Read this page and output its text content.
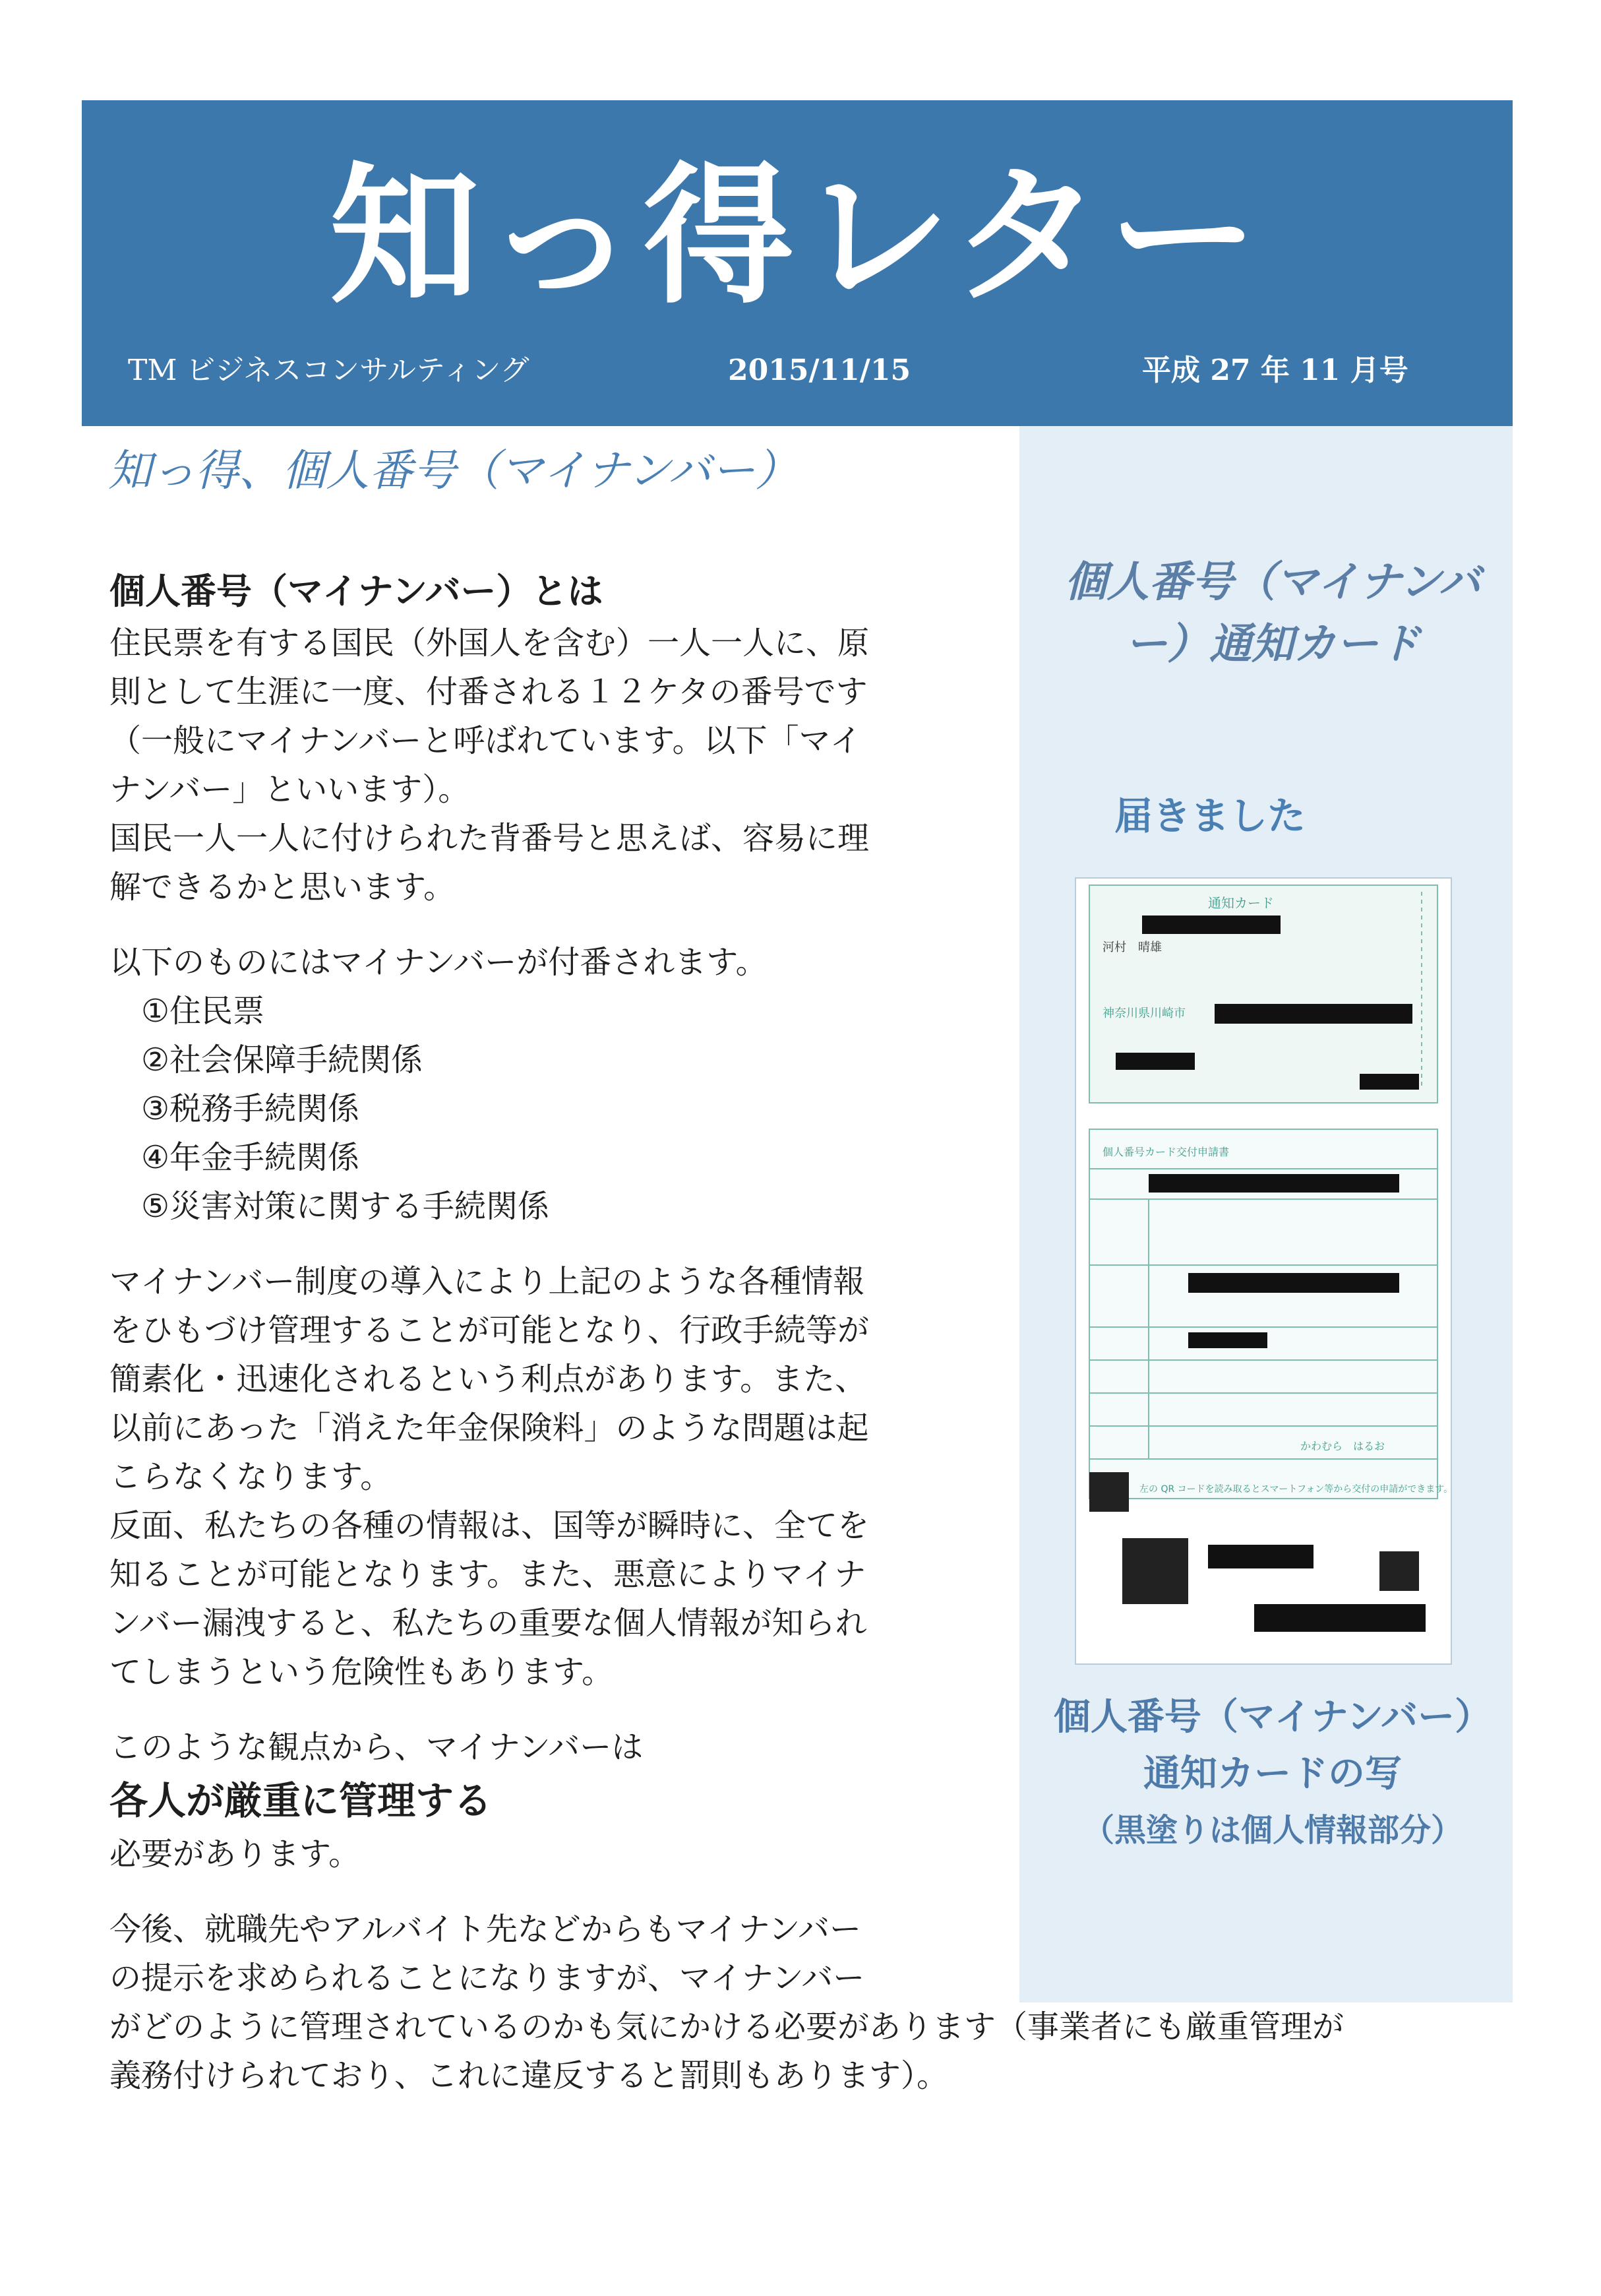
知っ得レター
TM ビジネスコンサルティング	2015/11/15	平成 27 年 11 月号
知っ得、個人番号（マイナンバー）

個人番号（マイナンバー）とは

住民票を有する国民（外国人を含む）一人一人に、原

則として生涯に一度、付番される１２ケタの番号です

（一般にマイナンバーと呼ばれています。以下「マイ

ナンバー」といいます）。

国民一人一人に付けられた背番号と思えば、容易に理

解できるかと思います。

以下のものにはマイナンバーが付番されます。

①住民票

②社会保障手続関係

③税務手続関係

④年金手続関係

⑤災害対策に関する手続関係

マイナンバー制度の導入により上記のような各種情報

をひもづけ管理することが可能となり、行政手続等が

簡素化・迅速化されるという利点があります。また、

以前にあった「消えた年金保険料」のような問題は起

こらなくなります。

反面、私たちの各種の情報は、国等が瞬時に、全てを

知ることが可能となります。また、悪意によりマイナ

ンバー漏洩すると、私たちの重要な個人情報が知られ

てしまうという危険性もあります。

このような観点から、マイナンバーは

各人が厳重に管理する

必要があります。

今後、就職先やアルバイト先などからもマイナンバー

の提示を求められることになりますが、マイナンバー

がどのように管理されているのかも気にかける必要があります（事業者にも厳重管理が

義務付けられており、これに違反すると罰則もあります）。

個人番号（マイナンバー）通知カード
届きました
通知カード
河村　晴雄
神奈川県川崎市
個人番号カード交付申請書
かわむら　はるお
左の QR コードを読み取るとスマートフォン等から交付の申請ができます。
個人番号（マイナンバー）通知カードの写
（黒塗りは個人情報部分）
